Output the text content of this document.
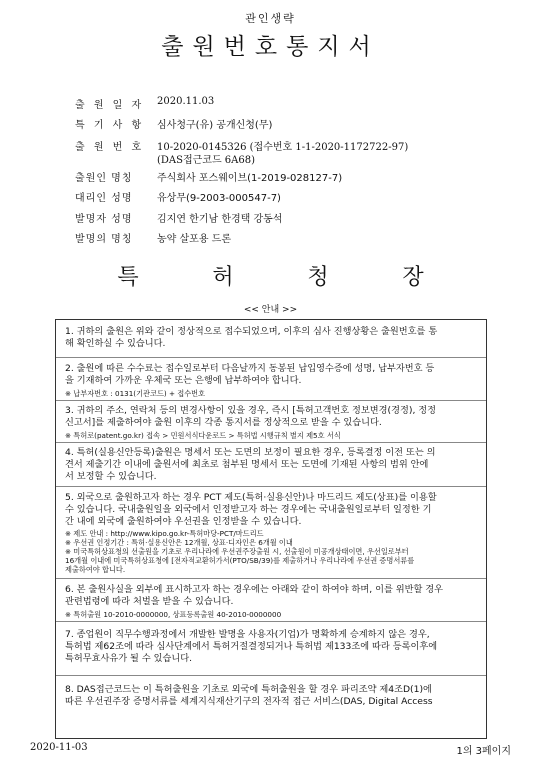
관인생략
출원번호통지서
출 원 일 자 2020.11.03
특 기 사 항 심사청구(유) 공개신청(무)
출 원 번 호 10-2020-0145326 (접수번호 1-1-2020-1172722-97)
(DAS접근코드 6A68)
출원인 명칭 주식회사 포스웨이브(1-2019-028127-7)
대리인 성명 유상무(9-2003-000547-7)
발명자 성명 김지연 한기남 한경택 강동석
발명의 명칭 농약 살포용 드론
특	허	청	장
<< 안내 >>
1. 귀하의 출원은 위와 같이 정상적으로 접수되었으며, 이후의 심사 진행상황은 출원번호를 통
해 확인하실 수 있습니다.
2. 출원에 따른 수수료는 접수일로부터 다음날까지 동봉된 납입영수증에 성명, 납부자번호 등
을 기재하여 가까운 우체국 또는 은행에 납부하여야 합니다.
※ 납부자번호 : 0131(기관코드) + 접수번호
3. 귀하의 주소, 연락처 등의 변경사항이 있을 경우, 즉시 [특허고객번호 정보변경(경정), 정정
신고서]를 제출하여야 출원 이후의 각종 통지서를 정상적으로 받을 수 있습니다.
※ 특허로(patent.go.kr) 접속 > 민원서식다운로드 > 특허법 시행규칙 별지 제5호 서식
4. 특허(실용신안등록)출원은 명세서 또는 도면의 보정이 필요한 경우, 등록결정 이전 또는 의
견서 제출기간 이내에 출원서에 최초로 첨부된 명세서 또는 도면에 기재된 사항의 범위 안에
서 보정할 수 있습니다.
5. 외국으로 출원하고자 하는 경우 PCT 제도(특허·실용신안)나 마드리드 제도(상표)를 이용할
수 있습니다. 국내출원일을 외국에서 인정받고자 하는 경우에는 국내출원일로부터 일정한 기
간 내에 외국에 출원하여야 우선권을 인정받을 수 있습니다.
※ 제도 안내 : http://www.kipo.go.kr-특허마당-PCT/마드리드
※ 우선권 인정기간 : 특허·실용신안은 12개월, 상표·디자인은 6개월 이내
※ 미국특허상표청의 선출원을 기초로 우리나라에 우선권주장출원 시, 선출원이 미공개상태이면, 우선일로부터
16개월 이내에 미국특허상표청에 [전자적교환허가서(PTO/SB/39)를 제출하거나 우리나라에 우선권 증명서류를
제출하여야 합니다.
6. 본 출원사실을 외부에 표시하고자 하는 경우에는 아래와 같이 하여야 하며, 이를 위반할 경우
관련법령에 따라 처벌을 받을 수 있습니다.
※ 특허출원 10-2010-0000000, 상표등록출원 40-2010-0000000
7. 종업원이 직무수행과정에서 개발한 발명을 사용자(기업)가 명확하게 승계하지 않은 경우,
특허법 제62조에 따라 심사단계에서 특허거절결정되거나 특허법 제133조에 따라 등록이후에
특허무효사유가 될 수 있습니다.
8. DAS접근코드는 이 특허출원을 기초로 외국에 특허출원을 할 경우 파리조약 제4조D(1)에
따른 우선권주장 증명서류를 세계지식재산기구의 전자적 접근 서비스(DAS, Digital Access
2020-11-03	1의 3페이지
